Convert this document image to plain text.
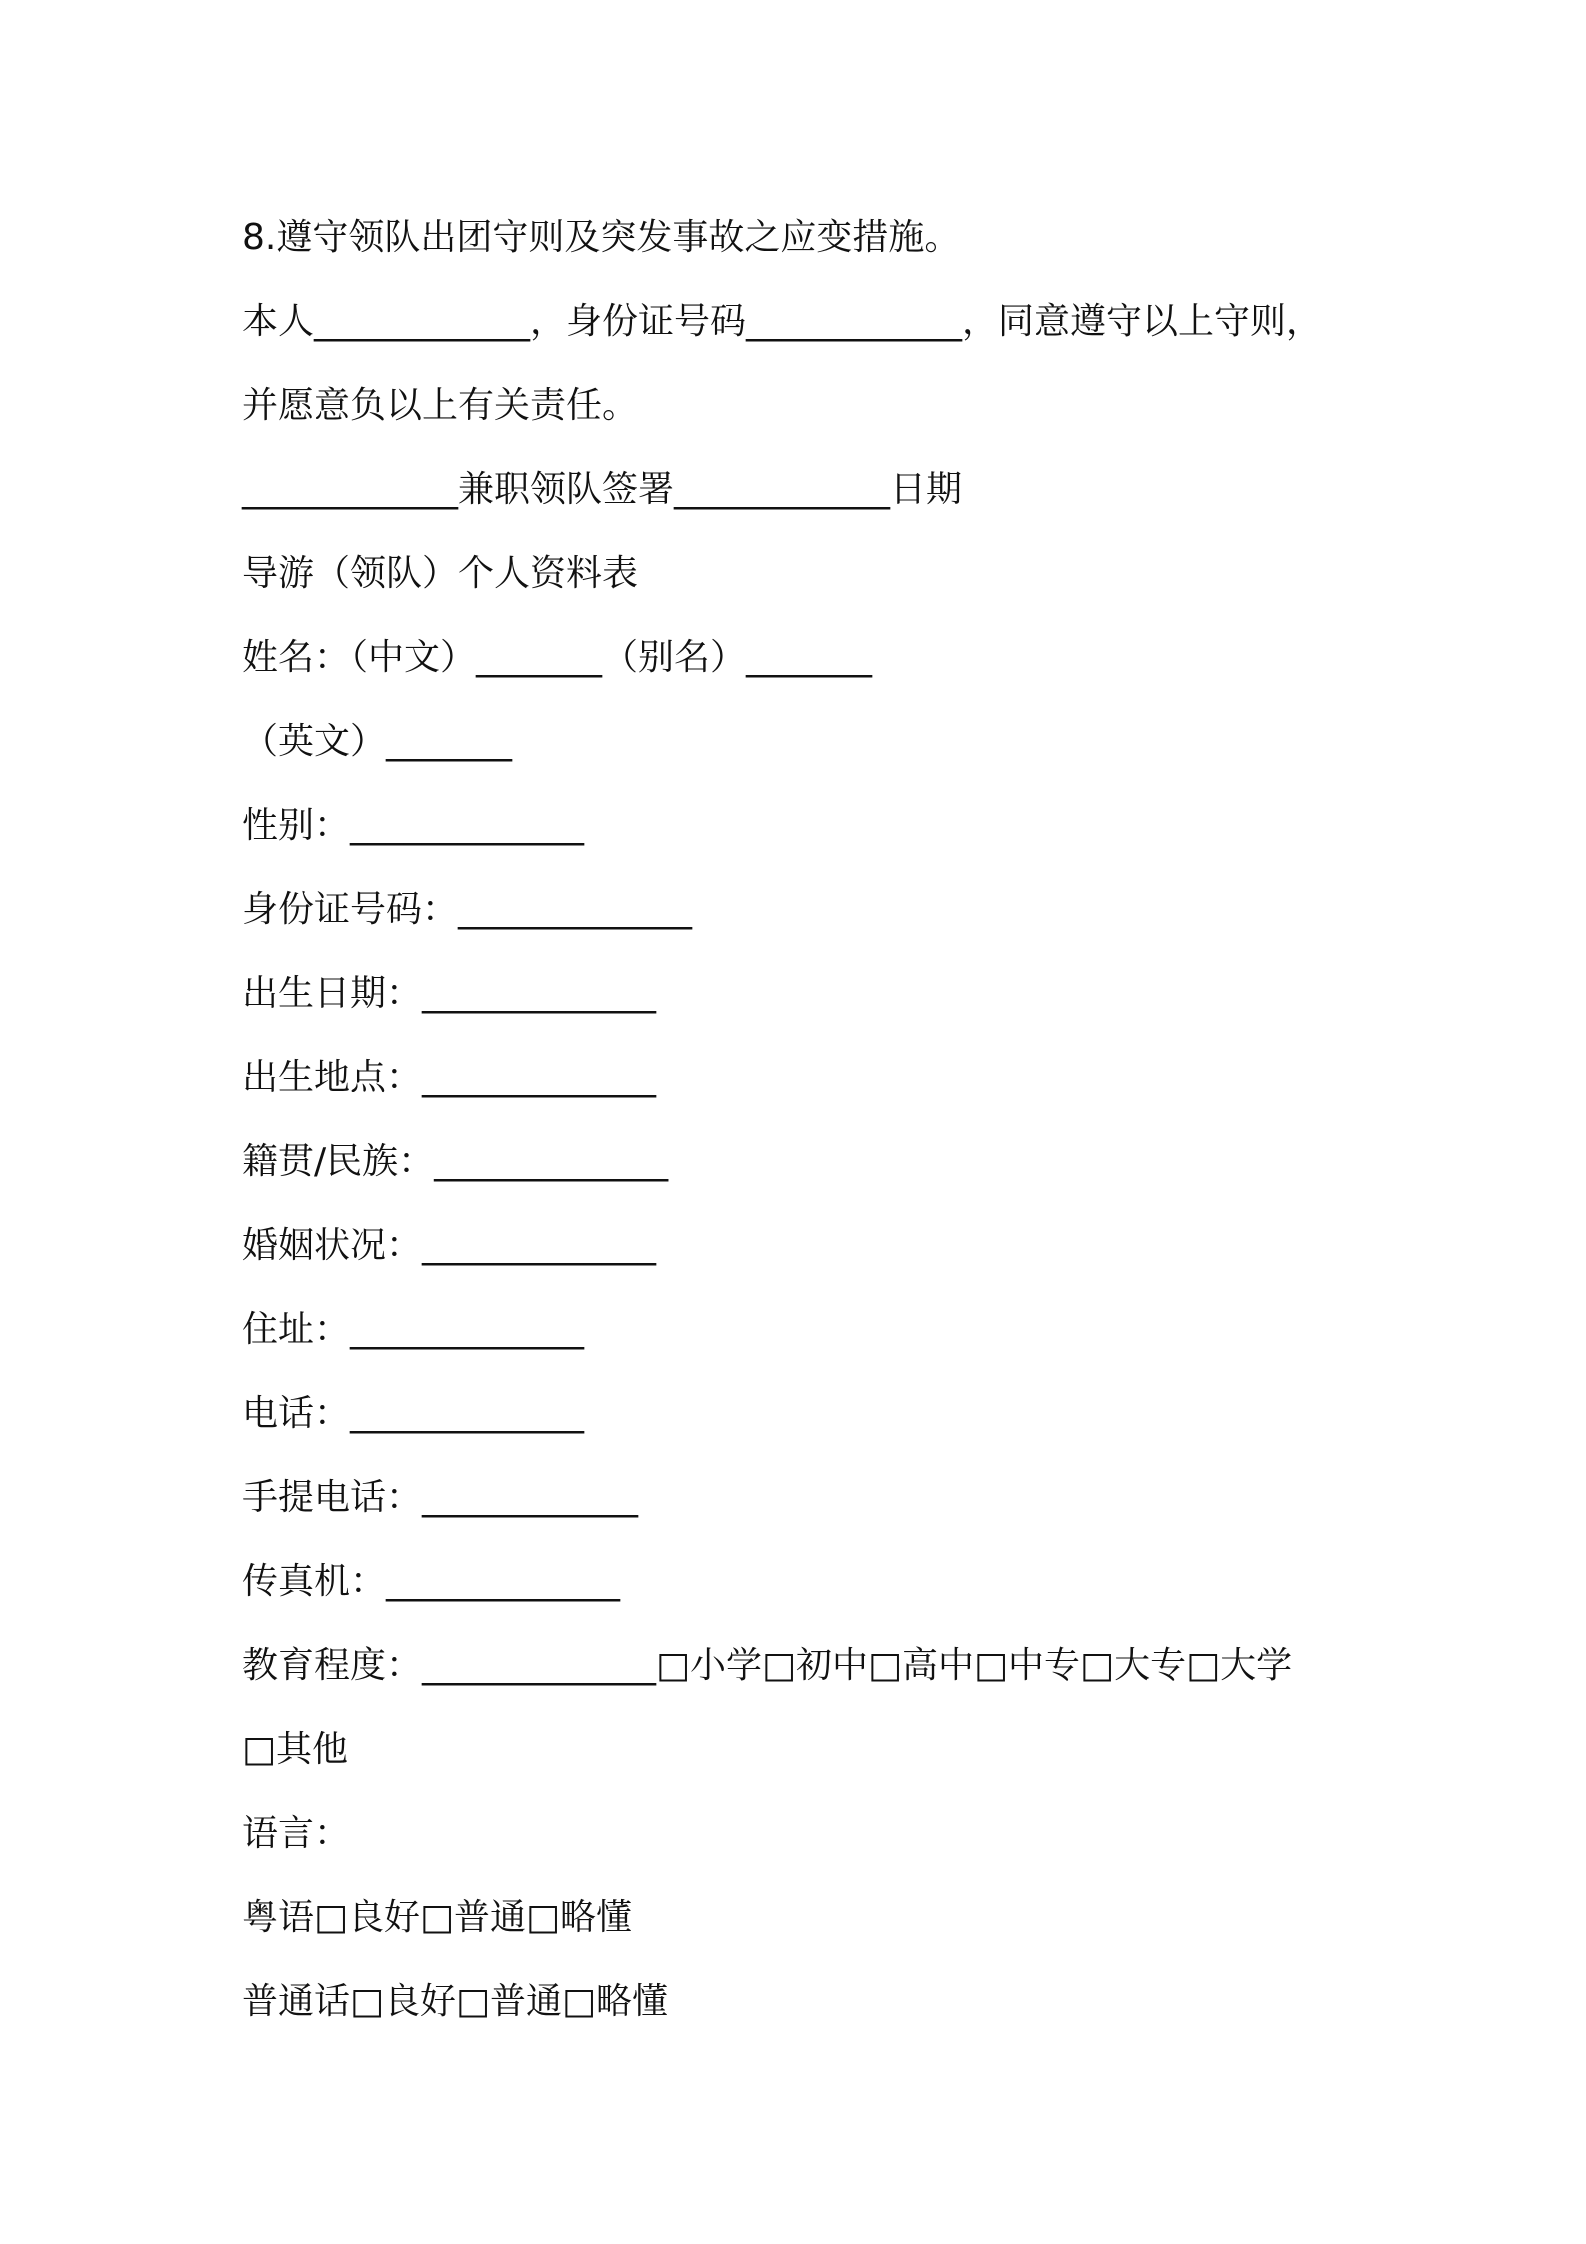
8.遵守领队出团守则及突发事故之应变措施。
本人____________，身份证号码____________，同意遵守以上守则，
并愿意负以上有关责任。
____________兼职领队签署____________日期
导游（领队）个人资料表
姓名：（中文）_______（别名）_______
（英文）_______
性别：_____________
身份证号码：_____________
出生日期：_____________
出生地点：_____________
籍贯/民族：_____________
婚姻状况：_____________
住址：_____________
电话：_____________
手提电话：____________
传真机：_____________
教育程度：_____________□小学□初中□高中□中专□大专□大学
□其他
语言：
粤语□良好□普通□略懂
普通话□良好□普通□略懂
